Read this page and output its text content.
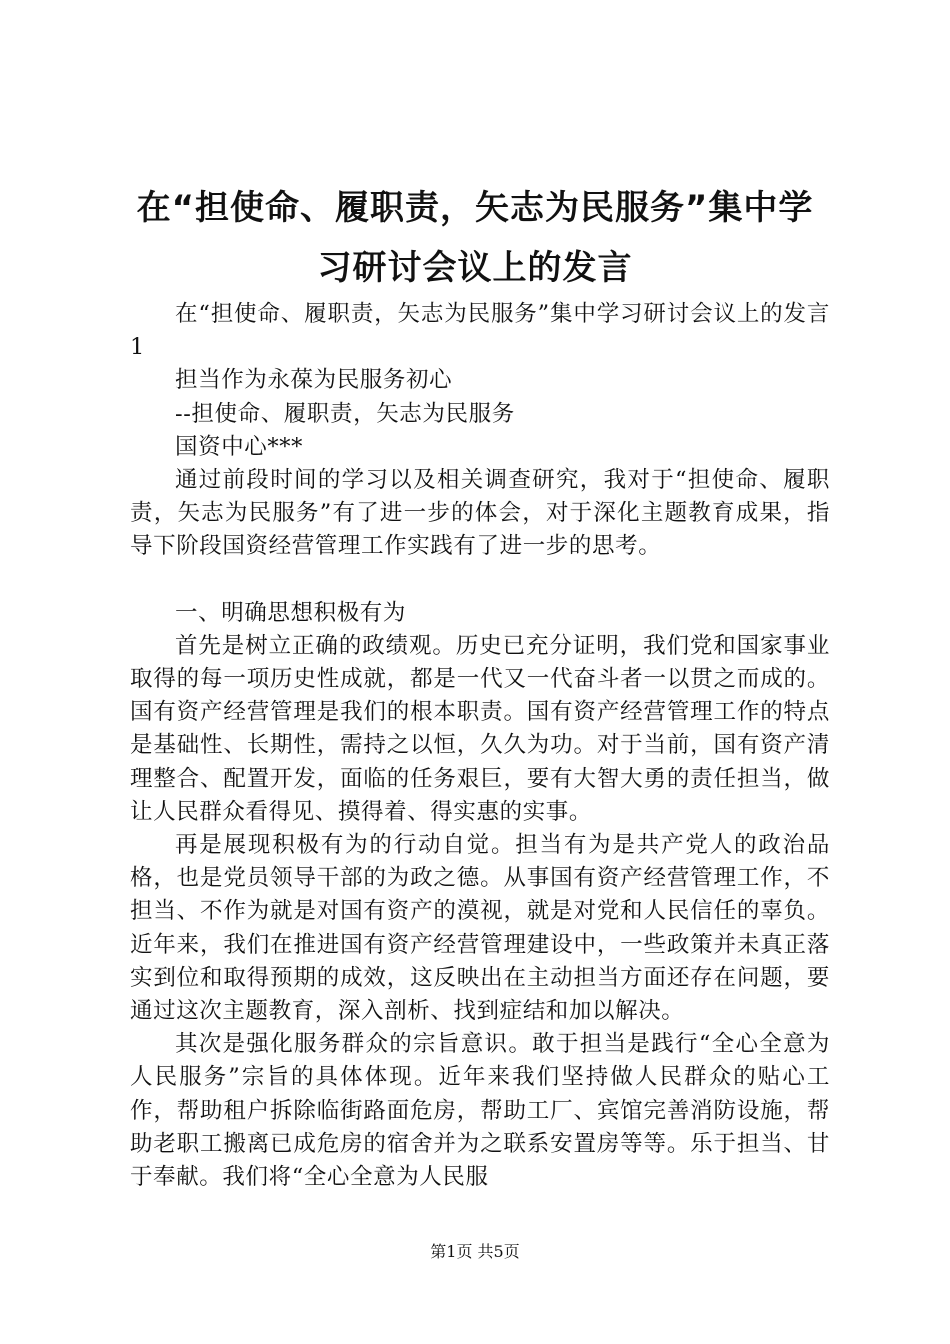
在“担使命、履职责，矢志为民服务”集中学
习研讨会议上的发言

在“担使命、履职责，矢志为民服务”集中学习研讨会议上的发言1

担当作为永葆为民服务初心

--担使命、履职责，矢志为民服务

国资中心***

通过前段时间的学习以及相关调查研究，我对于“担使命、履职责，矢志为民服务”有了进一步的体会，对于深化主题教育成果，指导下阶段国资经营管理工作实践有了进一步的思考。

一、明确思想积极有为

首先是树立正确的政绩观。历史已充分证明，我们党和国家事业取得的每一项历史性成就，都是一代又一代奋斗者一以贯之而成的。国有资产经营管理是我们的根本职责。国有资产经营管理工作的特点是基础性、长期性，需持之以恒，久久为功。对于当前，国有资产清理整合、配置开发，面临的任务艰巨，要有大智大勇的责任担当，做让人民群众看得见、摸得着、得实惠的实事。

再是展现积极有为的行动自觉。担当有为是共产党人的政治品格，也是党员领导干部的为政之德。从事国有资产经营管理工作，不担当、不作为就是对国有资产的漠视，就是对党和人民信任的辜负。近年来，我们在推进国有资产经营管理建设中，一些政策并未真正落实到位和取得预期的成效，这反映出在主动担当方面还存在问题，要通过这次主题教育，深入剖析、找到症结和加以解决。

其次是强化服务群众的宗旨意识。敢于担当是践行“全心全意为人民服务”宗旨的具体体现。近年来我们坚持做人民群众的贴心工作，帮助租户拆除临街路面危房，帮助工厂、宾馆完善消防设施，帮助老职工搬离已成危房的宿舍并为之联系安置房等等。乐于担当、甘于奉献。我们将“全心全意为人民服

第1页 共5页
